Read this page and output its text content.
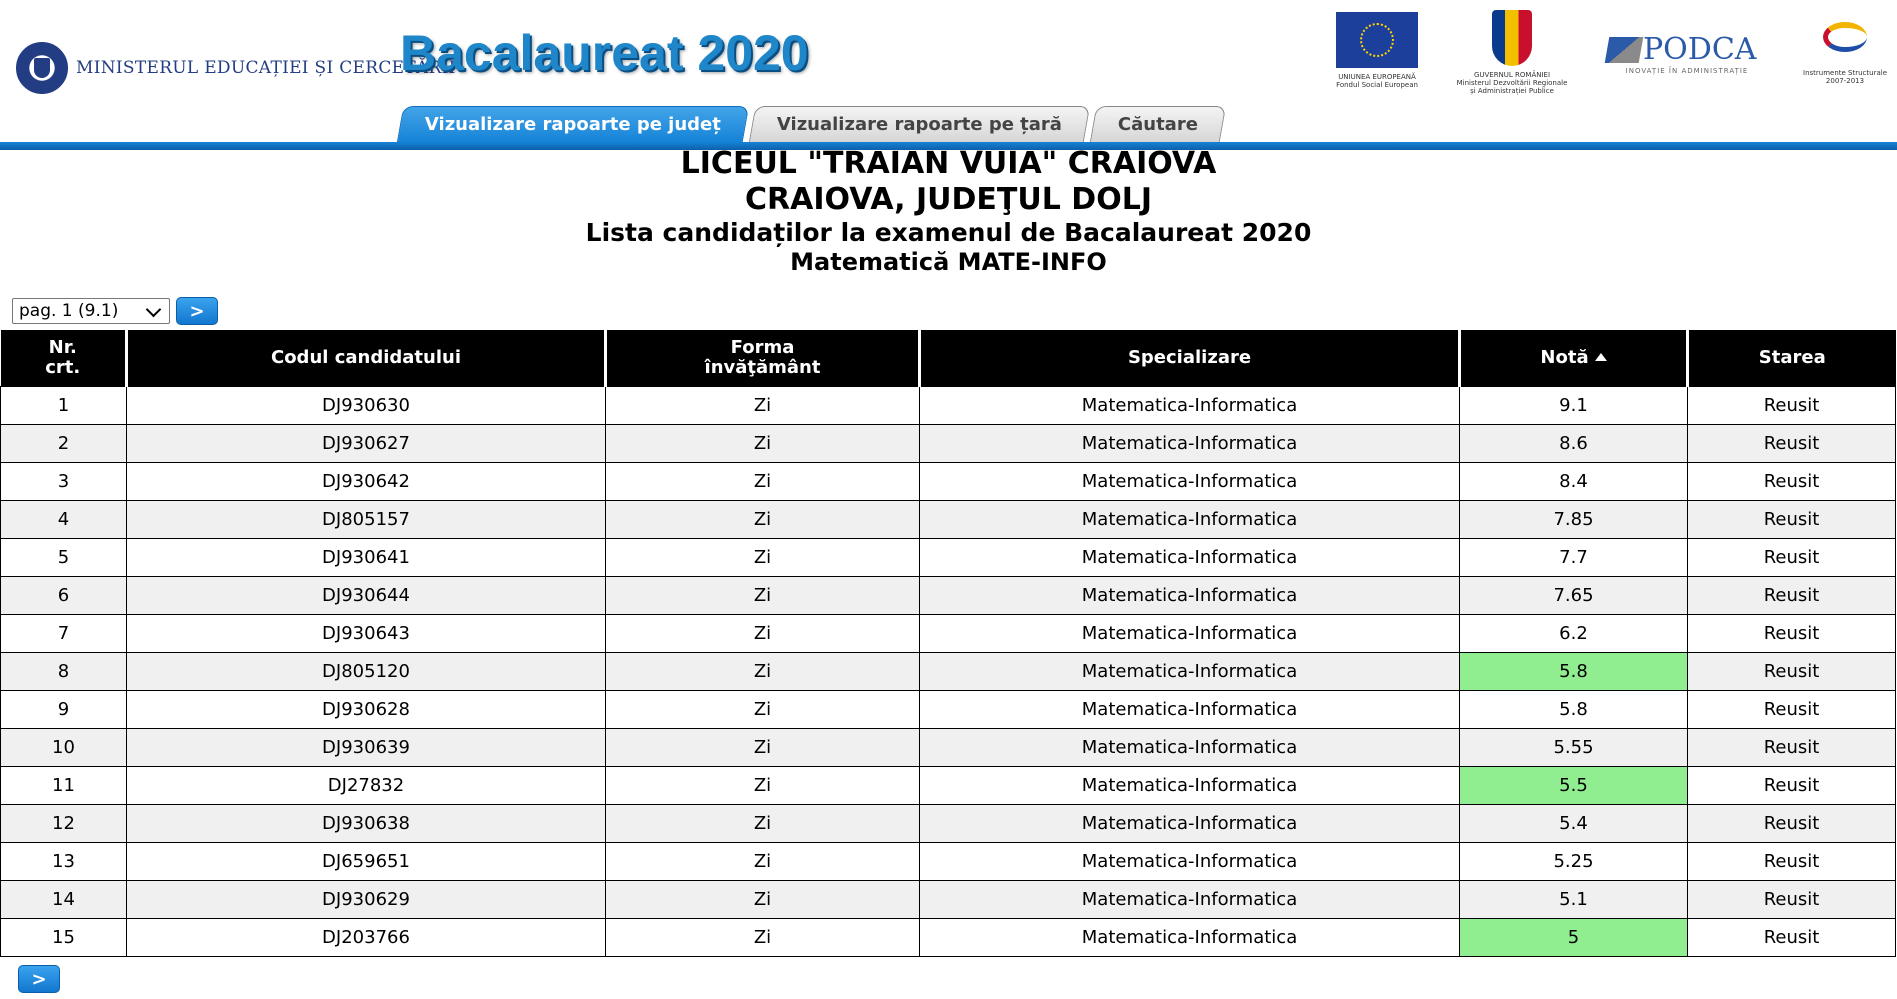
MINISTERUL EDUCAȚIEI ȘI CERCETĂRII
Bacalaureat 2020	UNIUNEA EUROPEANĂ
Fondul Social European
GUVERNUL ROMÂNIEI
Ministerul Dezvoltării Regionale
și Administrației Publice
PODCA
INOVAȚIE ÎN ADMINISTRAȚIE	Instrumente Structurale
2007-2013
Vizualizare rapoarte pe județ	Vizualizare rapoarte pe țară	Căutare
LICEUL "TRAIAN VUIA" CRAIOVA
CRAIOVA, JUDEŢUL DOLJ
Lista candidaților la examenul de Bacalaureat 2020
Matematică MATE-INFO
pag. 1 (9.1)	>
Nr.
crt.	Codul candidatului	Forma
învăţământ	Specializare	Notă	Starea
1	DJ930630	Zi	Matematica-Informatica	9.1	Reusit
2	DJ930627	Zi	Matematica-Informatica	8.6	Reusit
3	DJ930642	Zi	Matematica-Informatica	8.4	Reusit
4	DJ805157	Zi	Matematica-Informatica	7.85	Reusit
5	DJ930641	Zi	Matematica-Informatica	7.7	Reusit
6	DJ930644	Zi	Matematica-Informatica	7.65	Reusit
7	DJ930643	Zi	Matematica-Informatica	6.2	Reusit
8	DJ805120	Zi	Matematica-Informatica	5.8	Reusit
9	DJ930628	Zi	Matematica-Informatica	5.8	Reusit
10	DJ930639	Zi	Matematica-Informatica	5.55	Reusit
11	DJ27832	Zi	Matematica-Informatica	5.5	Reusit
12	DJ930638	Zi	Matematica-Informatica	5.4	Reusit
13	DJ659651	Zi	Matematica-Informatica	5.25	Reusit
14	DJ930629	Zi	Matematica-Informatica	5.1	Reusit
15	DJ203766	Zi	Matematica-Informatica	5	Reusit
>
